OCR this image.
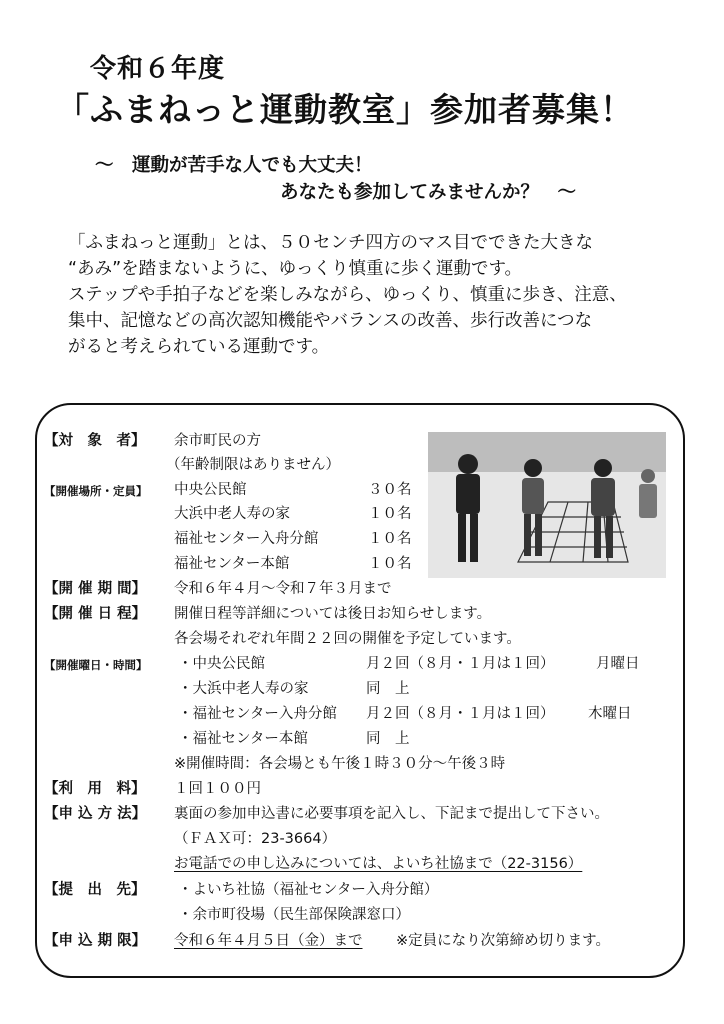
令和６年度
「ふまねっと運動教室」参加者募集！
～　運動が苦手な人でも大丈夫！
あなたも参加してみませんか？　～
「ふまねっと運動」とは、５０センチ四方のマス目でできた大きな
“あみ”を踏まないように、ゆっくり慎重に歩く運動です。
ステップや手拍子などを楽しみながら、ゆっくり、慎重に歩き、注意、
集中、記憶などの高次認知機能やバランスの改善、歩行改善につな
がると考えられている運動です。
【対　象　者】 余市町民の方
（年齢制限はありません）
【開催場所・定員】 中央公民館	３０名
大浜中老人寿の家	１０名
福祉センター入舟分館	１０名
福祉センター本館	１０名
【開 催 期 間】 令和６年４月～令和７年３月まで
【開 催 日 程】 開催日程等詳細については後日お知らせします。
各会場それぞれ年間２２回の開催を予定しています。
【開催曜日・時間】 ・中央公民館	月２回（８月・１月は１回）	月曜日
・大浜中老人寿の家	同　上
・福祉センター入舟分館 月２回（８月・１月は１回） 木曜日
・福祉センター本館	同　上
※開催時間：各会場とも午後１時３０分～午後３時
【利　用　料】 １回１００円
【申 込 方 法】 裏面の参加申込書に必要事項を記入し、下記まで提出して下さい。
（ＦＡＸ可：23-3664）
お電話での申し込みについては、よいち社協まで（22-3156）
【提　出　先】 ・よいち社協（福祉センター入舟分館）
・余市町役場（民生部保険課窓口）
【申 込 期 限】 令和６年４月５日（金）まで ※定員になり次第締め切ります。
